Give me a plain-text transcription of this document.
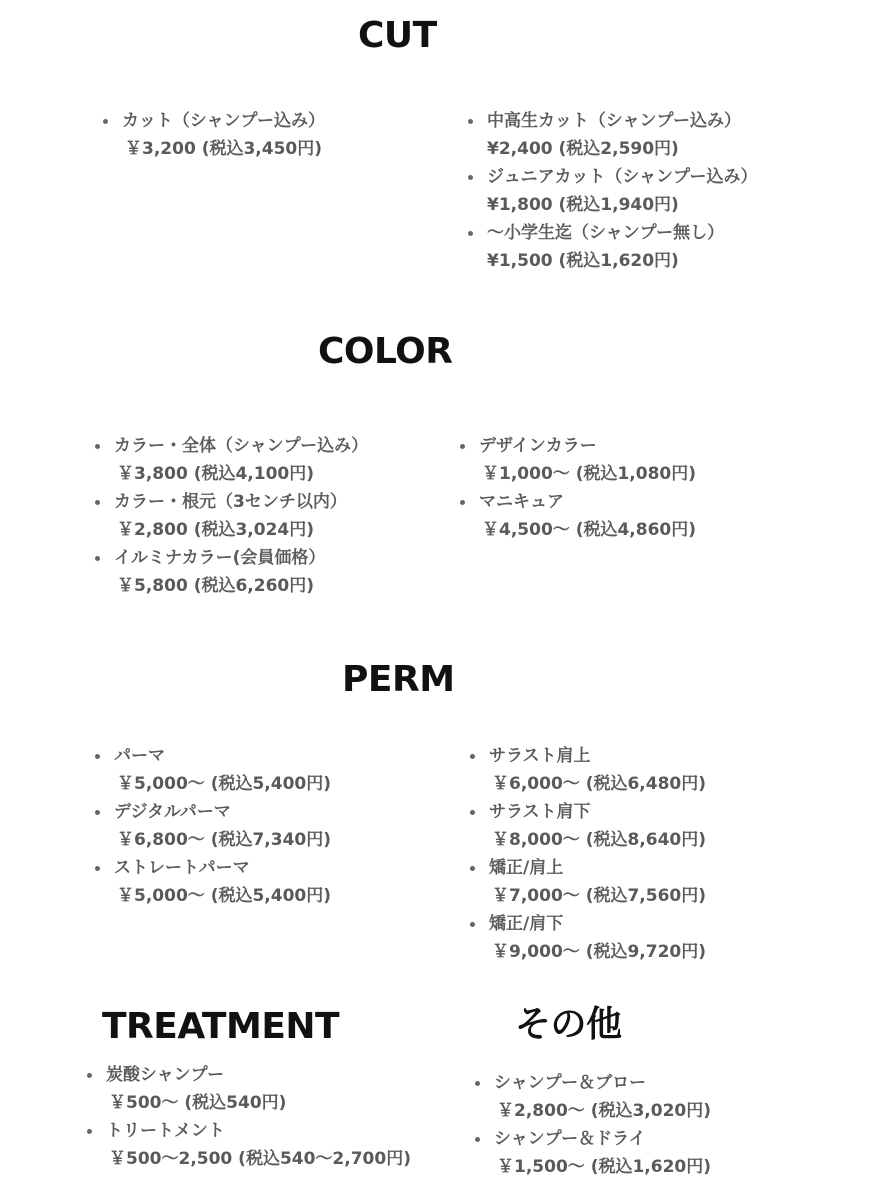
CUT
カット（シャンプー込み）
￥3,200 (税込3,450円)
中高生カット（シャンプー込み）
¥2,400 (税込2,590円)
ジュニアカット（シャンプー込み）
¥1,800 (税込1,940円)
～小学生迄（シャンプー無し）
¥1,500 (税込1,620円)
COLOR
カラー・全体（シャンプー込み）
￥3,800 (税込4,100円)
カラー・根元（3センチ以内）
￥2,800 (税込3,024円)
イルミナカラー(会員価格）
￥5,800 (税込6,260円)
デザインカラー
￥1,000～ (税込1,080円)
マニキュア
￥4,500～ (税込4,860円)
PERM
パーマ
￥5,000～ (税込5,400円)
デジタルパーマ
￥6,800～ (税込7,340円)
ストレートパーマ
￥5,000～ (税込5,400円)
サラスト肩上
￥6,000～ (税込6,480円)
サラスト肩下
￥8,000～ (税込8,640円)
矯正/肩上
￥7,000～ (税込7,560円)
矯正/肩下
￥9,000～ (税込9,720円)
TREATMENT
炭酸シャンプー
￥500～ (税込540円)
トリートメント
￥500～2,500 (税込540～2,700円)
その他
シャンプー＆ブロー
￥2,800～ (税込3,020円)
シャンプー＆ドライ
￥1,500～ (税込1,620円)
